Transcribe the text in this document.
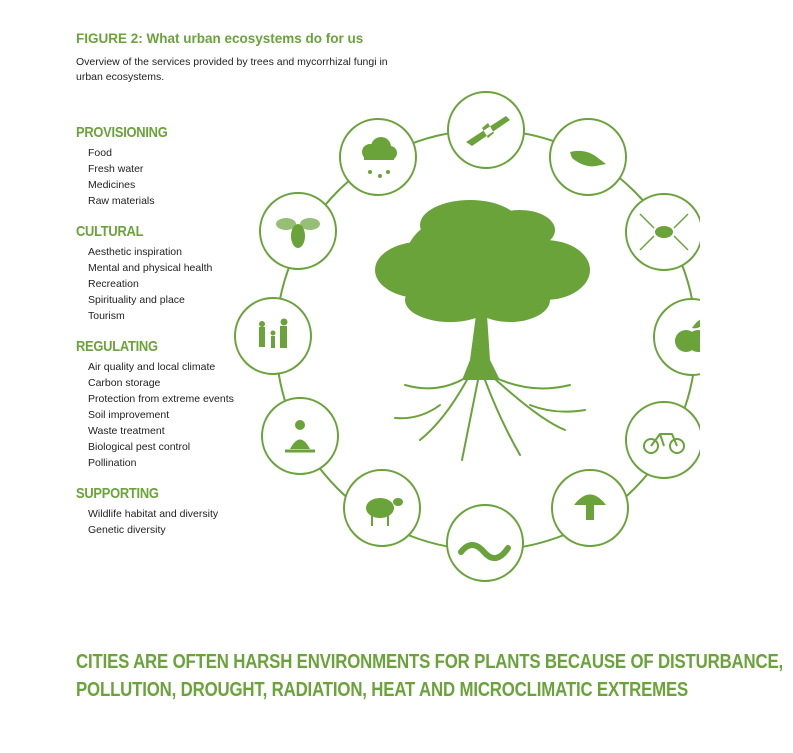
FIGURE 2: What urban ecosystems do for us

Overview of the services provided by trees and mycorrhizal fungi in urban ecosystems.

PROVISIONING
Food
Fresh water
Medicines
Raw materials
CULTURAL
Aesthetic inspiration
Mental and physical health
Recreation
Spirituality and place
Tourism
REGULATING
Air quality and local climate
Carbon storage
Protection from extreme events
Soil improvement
Waste treatment
Biological pest control
Pollination
SUPPORTING
Wildlife habitat and diversity
Genetic diversity

CITIES ARE OFTEN HARSH ENVIRONMENTS FOR PLANTS BECAUSE OF DISTURBANCE,
POLLUTION, DROUGHT, RADIATION, HEAT AND MICROCLIMATIC EXTREMES
